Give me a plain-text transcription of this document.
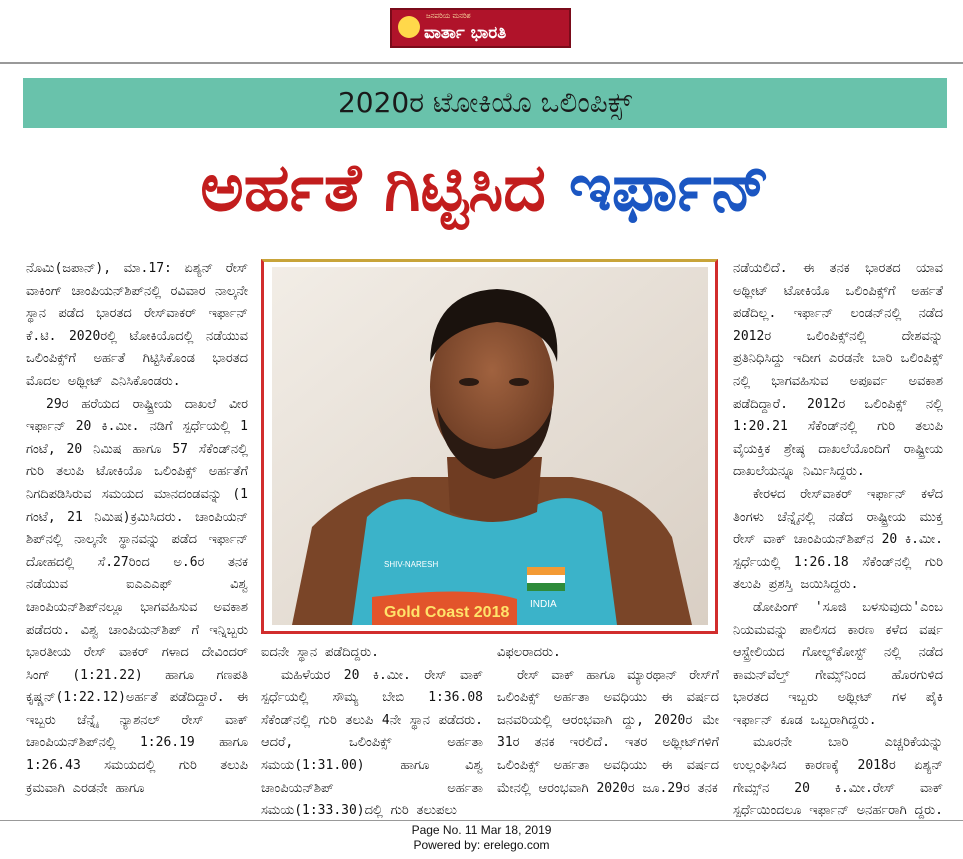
ಜನಪರಿಯ ಮನರಿಶ
ವಾರ್ತಾ ಭಾರತಿ
2020ರ ಟೋಕಿಯೊ ಒಲಿಂಪಿಕ್ಸ್
ಅರ್ಹತೆ ಗಿಟ್ಟಿಸಿದ ಇರ್ಫಾನ್

ನೊಮಿ(ಜಪಾನ್), ಮಾ.17: ಏಶ್ಯನ್ ರೇಸ್ ವಾಕಿಂಗ್ ಚಾಂಪಿಯನ್‌ಶಿಪ್‌ನಲ್ಲಿ ರವಿವಾರ ನಾಲ್ಕನೇ ಸ್ಥಾನ ಪಡೆದ ಭಾರತದ ರೇಸ್‌ವಾಕರ್ ಇರ್ಫಾನ್ ಕೆ.ಟಿ. 2020ರಲ್ಲಿ ಟೋಕಿಯೊದಲ್ಲಿ ನಡೆಯುವ ಒಲಿಂಪಿಕ್ಸ್‌ಗೆ ಅರ್ಹತೆ ಗಿಟ್ಟಿಸಿಕೊಂಡ ಭಾರತದ ಮೊದಲ ಅಥ್ಲೀಟ್ ಎನಿಸಿಕೊಂಡರು.

29ರ ಹರೆಯದ ರಾಷ್ಟ್ರೀಯ ದಾಖಲೆ ವೀರ ಇರ್ಫಾನ್ 20 ಕಿ.ಮೀ. ನಡಿಗೆ ಸ್ಪರ್ಧೆಯಲ್ಲಿ 1 ಗಂಟೆ, 20 ನಿಮಿಷ ಹಾಗೂ 57 ಸೆಕೆಂಡ್‌ನಲ್ಲಿ ಗುರಿ ತಲುಪಿ ಟೋಕಿಯೊ ಒಲಿಂಪಿಕ್ಸ್ ಅರ್ಹತೆಗೆ ನಿಗದಿಪಡಿಸಿರುವ ಸಮಯದ ಮಾನದಂಡವನ್ನು (1 ಗಂಟೆ, 21 ನಿಮಿಷ)ಕ್ರಮಿಸಿದರು. ಚಾಂಪಿಯನ್ ಶಿಪ್‌ನಲ್ಲಿ ನಾಲ್ಕನೇ ಸ್ಥಾನವನ್ನು ಪಡೆದ ಇರ್ಫಾನ್ ದೋಹದಲ್ಲಿ ಸೆ.27ರಿಂದ ಅ.6ರ ತನಕ ನಡೆಯುವ ಐಎಎಎಫ್ ವಿಶ್ವ ಚಾಂಪಿಯನ್‌ಶಿಪ್‌ನಲ್ಲೂ ಭಾಗವಹಿಸುವ ಅವಕಾಶ ಪಡೆದರು. ವಿಶ್ವ ಚಾಂಪಿಯನ್‌ಶಿಪ್ ಗೆ ಇನ್ನಿಬ್ಬರು ಭಾರತೀಯ ರೇಸ್ ವಾಕರ್ ಗಳಾದ ದೇವಿಂದರ್ ಸಿಂಗ್ (1:21.22) ಹಾಗೂ ಗಣಪತಿ ಕೃಷ್ಣನ್(1:22.12)ಅರ್ಹತೆ ಪಡೆದಿದ್ದಾರೆ. ಈ ಇಬ್ಬರು ಚೆನ್ನೈ ನ್ಯಾಶನಲ್ ರೇಸ್ ವಾಕ್ ಚಾಂಪಿಯನ್‌ಶಿಪ್‌ನಲ್ಲಿ 1:26.19 ಹಾಗೂ 1:26.43 ಸಮಯದಲ್ಲಿ ಗುರಿ ತಲುಪಿ ಕ್ರಮವಾಗಿ ಎರಡನೇ ಹಾಗೂ

INDIA
SHIV-NARESH
Gold Coast 2018

ಐದನೇ ಸ್ಥಾನ ಪಡೆದಿದ್ದರು.

ಮಹಿಳೆಯರ 20 ಕಿ.ಮೀ. ರೇಸ್ ವಾಕ್ ಸ್ಪರ್ಧೆಯಲ್ಲಿ ಸೌಮ್ಯ ಬೇಬಿ 1:36.08 ಸೆಕೆಂಡ್‌ನಲ್ಲಿ ಗುರಿ ತಲುಪಿ 4ನೇ ಸ್ಥಾನ ಪಡೆದರು. ಆದರೆ, ಒಲಿಂಪಿಕ್ಸ್ ಅರ್ಹತಾ ಸಮಯ(1:31.00) ಹಾಗೂ ವಿಶ್ವ ಚಾಂಪಿಯನ್‌ಶಿಪ್ ಅರ್ಹತಾ ಸಮಯ(1:33.30)ದಲ್ಲಿ ಗುರಿ ತಲುಪಲು

ವಿಫಲರಾದರು.

ರೇಸ್ ವಾಕ್ ಹಾಗೂ ಮ್ಯಾರಥಾನ್ ರೇಸ್‌ಗೆ ಒಲಿಂಪಿಕ್ಸ್ ಅರ್ಹತಾ ಅವಧಿಯು ಈ ವರ್ಷದ ಜನವರಿಯಲ್ಲಿ ಆರಂಭವಾಗಿ ದ್ದು, 2020ರ ಮೇ 31ರ ತನಕ ಇರಲಿದೆ. ಇತರ ಅಥ್ಲೀಟ್‌ಗಳಿಗೆ ಒಲಿಂಪಿಕ್ಸ್ ಅರ್ಹತಾ ಅವಧಿಯು ಈ ವರ್ಷದ ಮೇನಲ್ಲಿ ಆರಂಭವಾಗಿ 2020ರ ಜೂ.29ರ ತನಕ

ನಡೆಯಲಿದೆ. ಈ ತನಕ ಭಾರತದ ಯಾವ ಅಥ್ಲೀಟ್ ಟೋಕಿಯೊ ಒಲಿಂಪಿಕ್ಸ್‌ಗೆ ಅರ್ಹತೆ ಪಡೆದಿಲ್ಲ. ಇರ್ಫಾನ್ ಲಂಡನ್‌ನಲ್ಲಿ ನಡೆದ 2012ರ ಒಲಿಂಪಿಕ್ಸ್‌ನಲ್ಲಿ ದೇಶವನ್ನು ಪ್ರತಿನಿಧಿಸಿದ್ದು ಇದೀಗ ಎರಡನೇ ಬಾರಿ ಒಲಿಂಪಿಕ್ಸ್ ನಲ್ಲಿ ಭಾಗವಹಿಸುವ ಅಪೂರ್ವ ಅವಕಾಶ ಪಡೆದಿದ್ದಾರೆ. 2012ರ ಒಲಿಂಪಿಕ್ಸ್ ನಲ್ಲಿ 1:20.21 ಸೆಕೆಂಡ್‌ನಲ್ಲಿ ಗುರಿ ತಲುಪಿ ವೈಯಕ್ತಿಕ ಶ್ರೇಷ್ಠ ದಾಖಲೆಯೊಂದಿಗೆ ರಾಷ್ಟ್ರೀಯ ದಾಖಲೆಯನ್ನೂ ನಿರ್ಮಿಸಿದ್ದರು.

ಕೇರಳದ ರೇಸ್‌ವಾಕರ್ ಇರ್ಫಾನ್ ಕಳೆದ ತಿಂಗಳು ಚೆನ್ನೈನಲ್ಲಿ ನಡೆದ ರಾಷ್ಟ್ರೀಯ ಮುಕ್ತ ರೇಸ್ ವಾಕ್ ಚಾಂಪಿಯನ್‌ಶಿಪ್‌ನ 20 ಕಿ.ಮೀ. ಸ್ಪರ್ಧೆಯಲ್ಲಿ 1:26.18 ಸೆಕೆಂಡ್‌ನಲ್ಲಿ ಗುರಿ ತಲುಪಿ ಪ್ರಶಸ್ತಿ ಜಯಿಸಿದ್ದರು.

ಡೋಪಿಂಗ್ 'ಸೂಜಿ ಬಳಸುವುದು'ಎಂಬ ನಿಯಮವನ್ನು ಪಾಲಿಸದ ಕಾರಣ ಕಳೆದ ವರ್ಷ ಆಸ್ಟ್ರೇಲಿಯದ ಗೋಲ್ಡ್‌ಕೋಸ್ಟ್ ನಲ್ಲಿ ನಡೆದ ಕಾಮನ್‌ವೆಲ್ತ್ ಗೇಮ್ಸ್‌ನಿಂದ ಹೊರಗುಳಿದ ಭಾರತದ ಇಬ್ಬರು ಅಥ್ಲೀಟ್ ಗಳ ಪೈಕಿ ಇರ್ಫಾನ್ ಕೂಡ ಒಬ್ಬರಾಗಿದ್ದರು.

ಮೂರನೇ ಬಾರಿ ಎಚ್ಚರಿಕೆಯನ್ನು ಉಲ್ಲಂಘಿಸಿದ ಕಾರಣಕ್ಕೆ 2018ರ ಏಶ್ಯನ್ ಗೇಮ್ಸ್‌ನ 20 ಕಿ.ಮೀ.ರೇಸ್ ವಾಕ್ ಸ್ಪರ್ಧೆಯಿಂದಲೂ ಇರ್ಫಾನ್ ಅನರ್ಹರಾಗಿ ದ್ದರು.

Page No. 11 Mar 18, 2019
Powered by: erelego.com
